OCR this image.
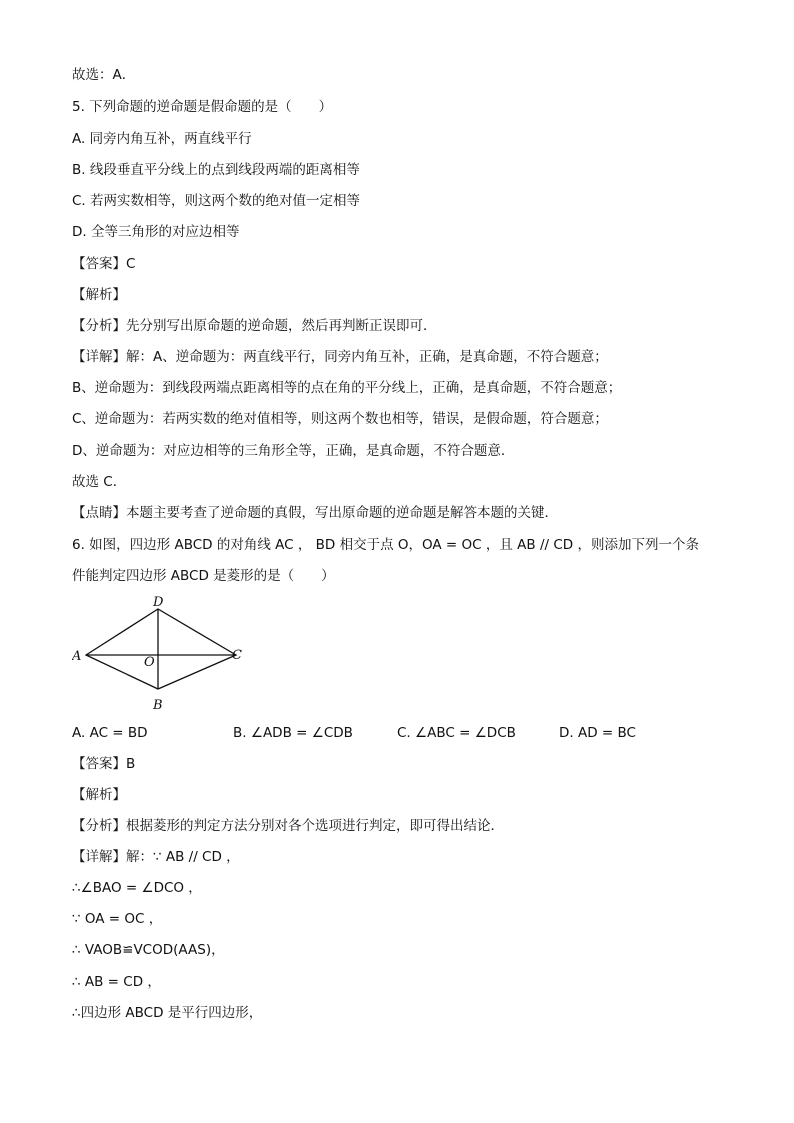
故选：A．
5. 下列命题的逆命题是假命题的是（　　）
A. 同旁内角互补，两直线平行
B. 线段垂直平分线上的点到线段两端的距离相等
C. 若两实数相等，则这两个数的绝对值一定相等
D. 全等三角形的对应边相等
【答案】C
【解析】
【分析】先分别写出原命题的逆命题，然后再判断正误即可．
【详解】解：A、逆命题为：两直线平行，同旁内角互补，正确，是真命题，不符合题意；
B、逆命题为：到线段两端点距离相等的点在角的平分线上，正确，是真命题，不符合题意；
C、逆命题为：若两实数的绝对值相等，则这两个数也相等，错误，是假命题，符合题意；
D、逆命题为：对应边相等的三角形全等，正确，是真命题，不符合题意．
故选 C．
【点睛】本题主要考查了逆命题的真假，写出原命题的逆命题是解答本题的关键．
6. 如图，四边形 ABCD 的对角线 AC ， BD 相交于点 O，OA = OC ，且 AB // CD ，则添加下列一个条
件能判定四边形 ABCD 是菱形的是（　　）
A
D
C
B
O
A. AC = BD	B. ∠ADB = ∠CDB	C. ∠ABC = ∠DCB	D. AD = BC
【答案】B
【解析】
【分析】根据菱形的判定方法分别对各个选项进行判定，即可得出结论．
【详解】解：∵ AB // CD ，
∴∠BAO = ∠DCO ，
∵ OA = OC ，
∴ VAOB≌VCOD(AAS)，
∴ AB = CD ，
∴四边形 ABCD 是平行四边形，
